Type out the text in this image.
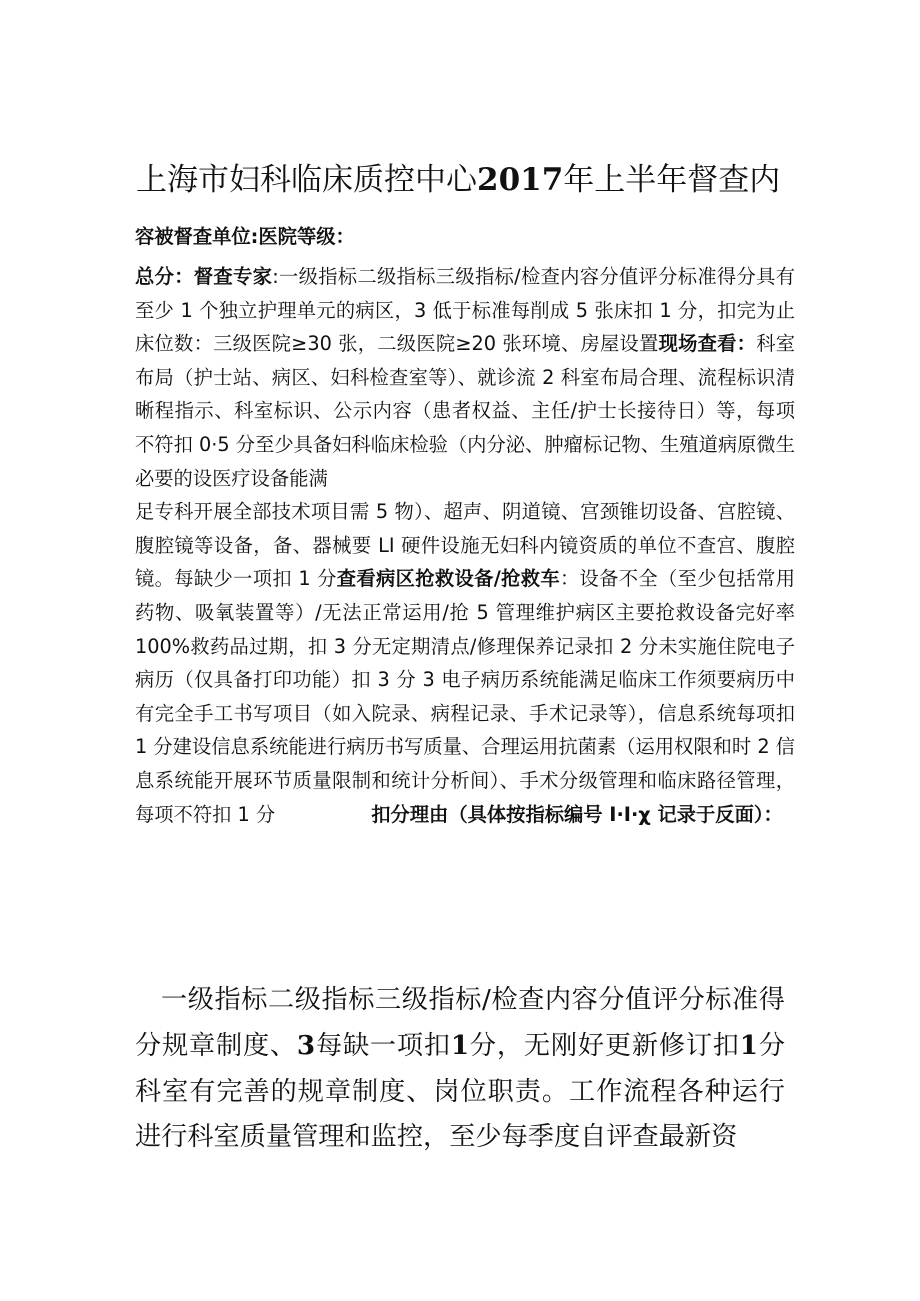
上海市妇科临床质控中心2017年上半年督查内
容被督查单位:医院等级：
总分：督查专家:一级指标二级指标三级指标/检查内容分值评分标准得分具有至少 1 个独立护理单元的病区，3 低于标准每削成 5 张床扣 1 分，扣完为止床位数：三级医院≥30 张，二级医院≥20 张环境、房屋设置现场查看：科室布局（护士站、病区、妇科检查室等）、就诊流 2 科室布局合理、流程标识清晰程指示、科室标识、公示内容（患者权益、主任/护士长接待日）等，每项不符扣 0·5 分至少具备妇科临床检验（内分泌、肿瘤标记物、生殖道病原微生必要的设医疗设备能满
足专科开展全部技术项目需 5 物）、超声、阴道镜、宫颈锥切设备、宫腔镜、腹腔镜等设备，备、器械要 LI 硬件设施无妇科内镜资质的单位不查宫、腹腔镜。每缺少一项扣 1 分查看病区抢救设备/抢救车：设备不全（至少包括常用药物、吸氧装置等）/无法正常运用/抢 5 管理维护病区主要抢救设备完好率 100%救药品过期，扣 3 分无定期清点/修理保养记录扣 2 分未实施住院电子病历（仅具备打印功能）扣 3 分 3 电子病历系统能满足临床工作须要病历中有完全手工书写项目（如入院录、病程记录、手术记录等），信息系统每项扣 1 分建设信息系统能进行病历书写质量、合理运用抗菌素（运用权限和时 2 信息系统能开展环节质量限制和统计分析间）、手术分级管理和临床路径管理，每项不符扣 1 分	扣分理由（具体按指标编号 I·I·χ 记录于反面）：
一级指标二级指标三级指标/检查内容分值评分标准得分规章制度、3每缺一项扣1分，无刚好更新修订扣1分科室有完善的规章制度、岗位职责。工作流程各种运行进行科室质量管理和监控，至少每季度自评查最新资
